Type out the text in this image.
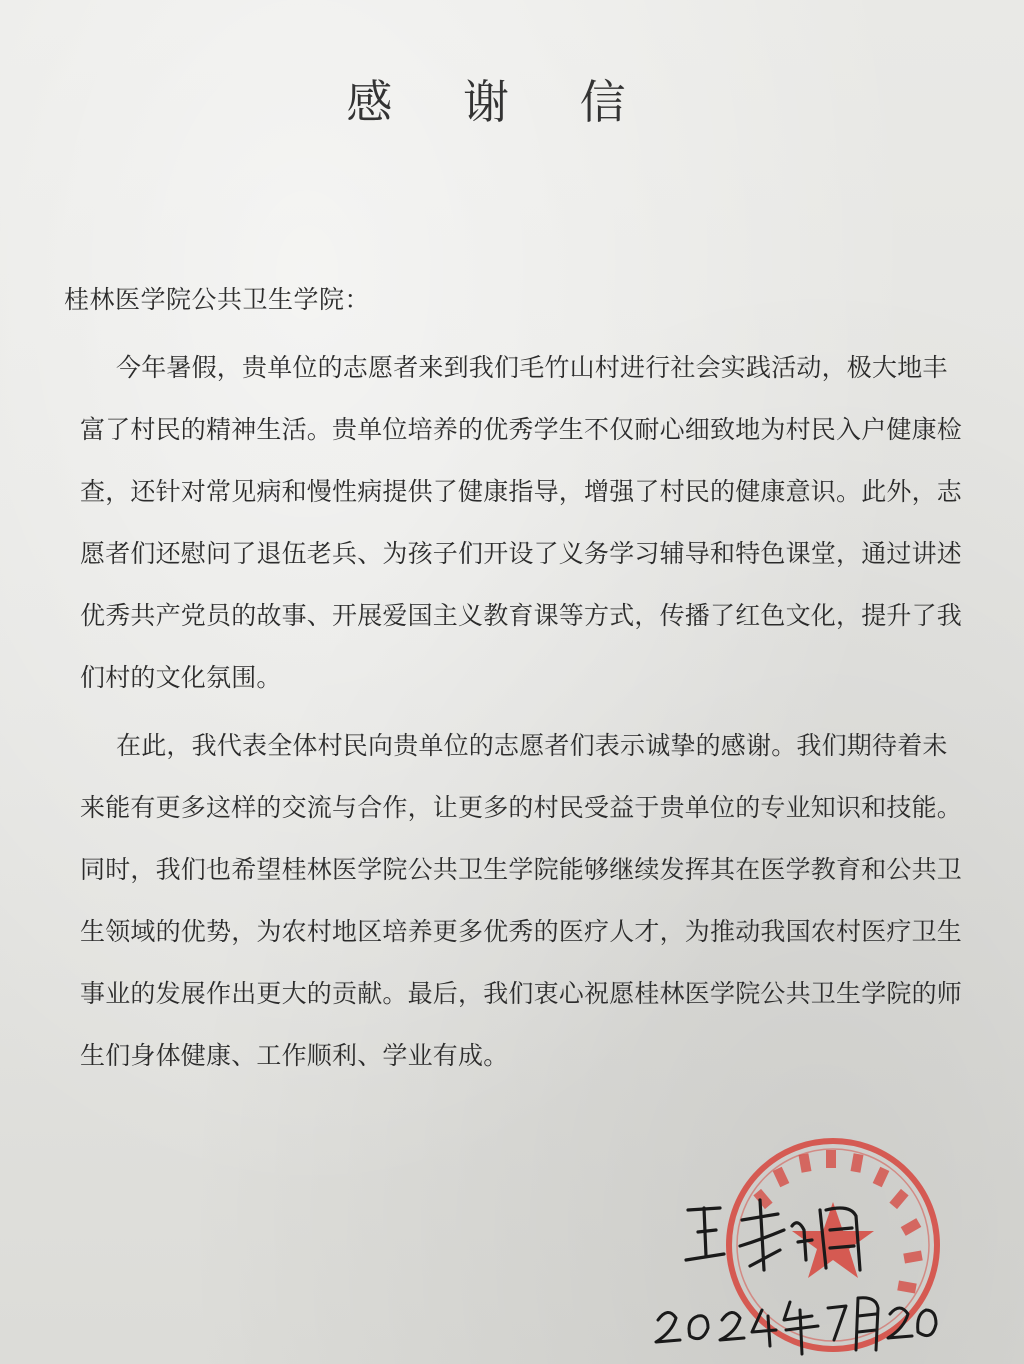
感 谢 信
桂林医学院公共卫生学院：
今年暑假，贵单位的志愿者来到我们毛竹山村进行社会实践活动，极大地丰
富了村民的精神生活。贵单位培养的优秀学生不仅耐心细致地为村民入户健康检
查，还针对常见病和慢性病提供了健康指导，增强了村民的健康意识。此外，志
愿者们还慰问了退伍老兵、为孩子们开设了义务学习辅导和特色课堂，通过讲述
优秀共产党员的故事、开展爱国主义教育课等方式，传播了红色文化，提升了我
们村的文化氛围。
在此，我代表全体村民向贵单位的志愿者们表示诚挚的感谢。我们期待着未
来能有更多这样的交流与合作，让更多的村民受益于贵单位的专业知识和技能。
同时，我们也希望桂林医学院公共卫生学院能够继续发挥其在医学教育和公共卫
生领域的优势，为农村地区培养更多优秀的医疗人才，为推动我国农村医疗卫生
事业的发展作出更大的贡献。最后，我们衷心祝愿桂林医学院公共卫生学院的师
生们身体健康、工作顺利、学业有成。
